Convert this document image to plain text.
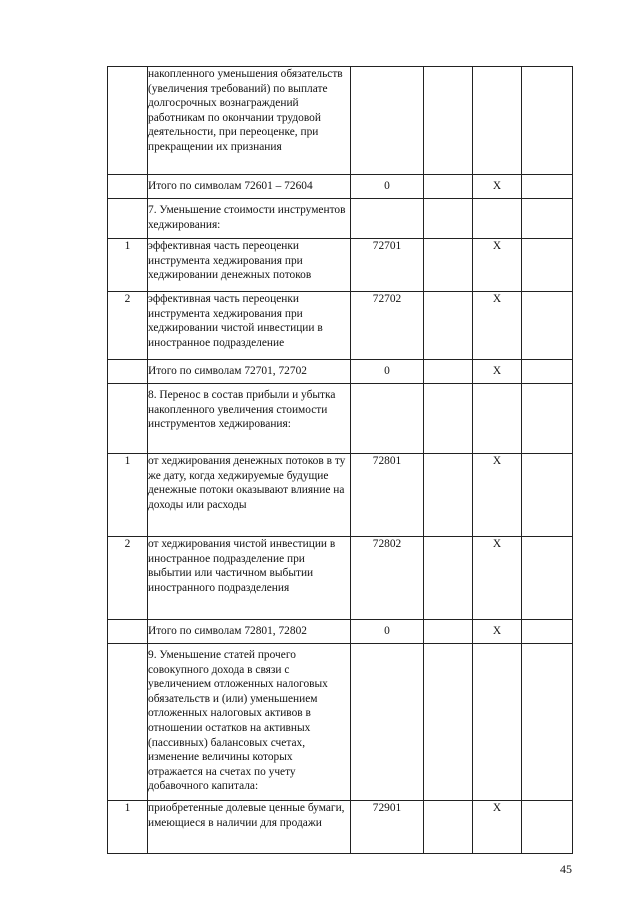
	накопленного уменьшения обязательств (увеличения требований) по выплате долгосрочных вознаграждений работникам по окончании трудовой деятельности, при переоценке, при прекращении их признания				
	Итого по символам 72601 – 72604	0		X	
	7. Уменьшение стоимости инструментов хеджирования:				
1	эффективная часть переоценки инструмента хеджирования при хеджировании денежных потоков	72701		X	
2	эффективная часть переоценки инструмента хеджирования при хеджировании чистой инвестиции в иностранное подразделение	72702		X	
	Итого по символам 72701, 72702	0		X	
	8. Перенос в состав прибыли и убытка накопленного увеличения стоимости инструментов хеджирования:				
1	от хеджирования денежных потоков в ту же дату, когда хеджируемые будущие денежные потоки оказывают влияние на доходы или расходы	72801		X	
2	от хеджирования чистой инвестиции в иностранное подразделение при выбытии или частичном выбытии иностранного подразделения	72802		X	
	Итого по символам 72801, 72802	0		X	
	9. Уменьшение статей прочего совокупного дохода в связи с увеличением отложенных налоговых обязательств и (или) уменьшением отложенных налоговых активов в отношении остатков на активных (пассивных) балансовых счетах, изменение величины которых отражается на счетах по учету добавочного капитала:				
1	приобретенные долевые ценные бумаги, имеющиеся в наличии для продажи	72901		X	
45
